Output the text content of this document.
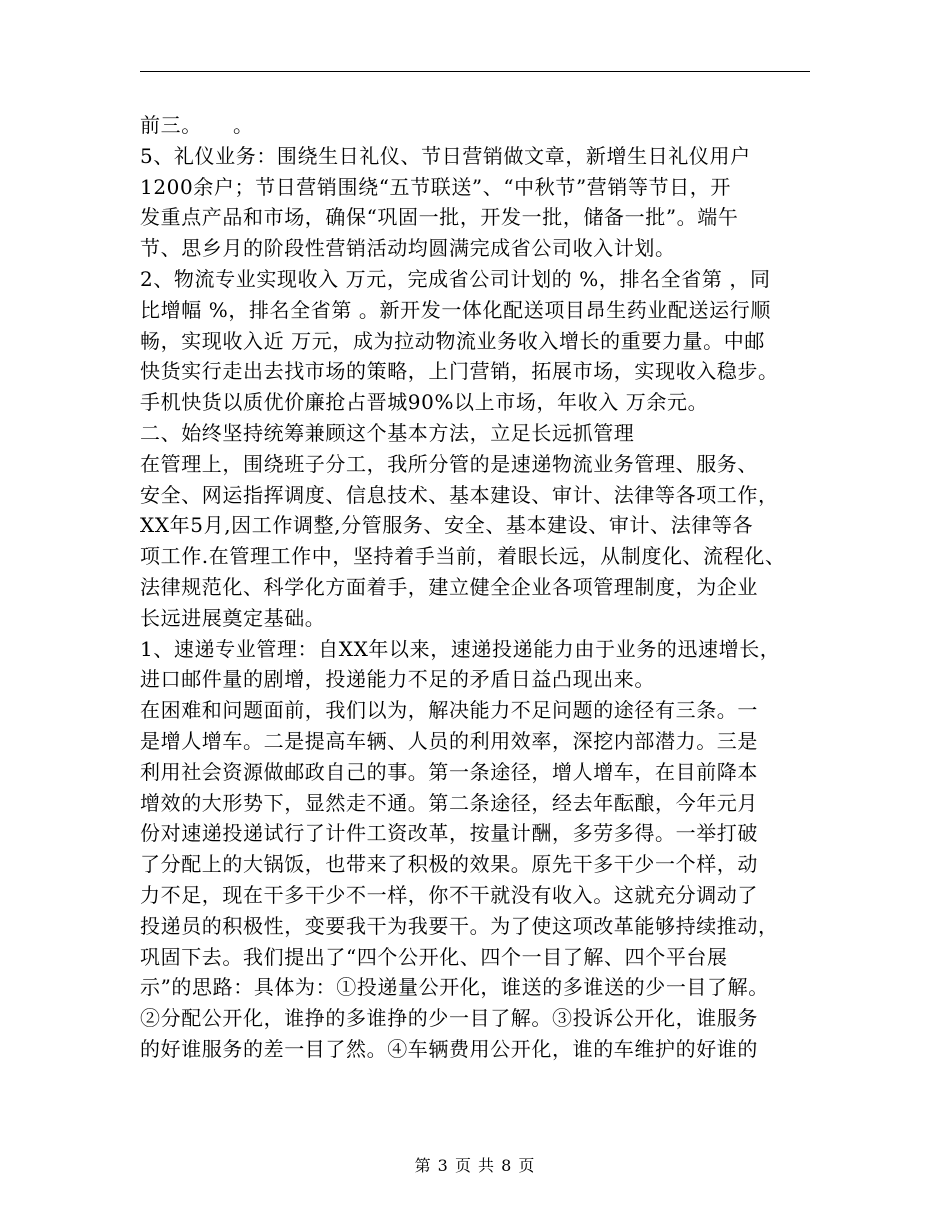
前三。　　。
5、礼仪业务：围绕生日礼仪、节日营销做文章，新增生日礼仪用户
1200余户；节日营销围绕“五节联送”、“中秋节”营销等节日，开
发重点产品和市场，确保“巩固一批，开发一批，储备一批”。端午
节、思乡月的阶段性营销活动均圆满完成省公司收入计划。
2、物流专业实现收入 万元，完成省公司计划的 %，排名全省第 ，同
比增幅 %，排名全省第 。新开发一体化配送项目昂生药业配送运行顺
畅，实现收入近 万元，成为拉动物流业务收入增长的重要力量。中邮
快货实行走出去找市场的策略，上门营销，拓展市场，实现收入稳步。
手机快货以质优价廉抢占晋城90%以上市场，年收入 万余元。
二、始终坚持统筹兼顾这个基本方法，立足长远抓管理
在管理上，围绕班子分工，我所分管的是速递物流业务管理、服务、
安全、网运指挥调度、信息技术、基本建设、审计、法律等各项工作，
XX年5月,因工作调整,分管服务、安全、基本建设、审计、法律等各
项工作.在管理工作中，坚持着手当前，着眼长远，从制度化、流程化、
法律规范化、科学化方面着手，建立健全企业各项管理制度，为企业
长远进展奠定基础。
1、速递专业管理：自XX年以来，速递投递能力由于业务的迅速增长，
进口邮件量的剧增，投递能力不足的矛盾日益凸现出来。
在困难和问题面前，我们以为，解决能力不足问题的途径有三条。一
是增人增车。二是提高车辆、人员的利用效率，深挖内部潜力。三是
利用社会资源做邮政自己的事。第一条途径，增人增车，在目前降本
增效的大形势下，显然走不通。第二条途径，经去年酝酿，今年元月
份对速递投递试行了计件工资改革，按量计酬，多劳多得。一举打破
了分配上的大锅饭，也带来了积极的效果。原先干多干少一个样，动
力不足，现在干多干少不一样，你不干就没有收入。这就充分调动了
投递员的积极性，变要我干为我要干。为了使这项改革能够持续推动，
巩固下去。我们提出了“四个公开化、四个一目了解、四个平台展
示”的思路：具体为：①投递量公开化，谁送的多谁送的少一目了解。
②分配公开化，谁挣的多谁挣的少一目了解。③投诉公开化，谁服务
的好谁服务的差一目了然。④车辆费用公开化，谁的车维护的好谁的
第 3 页 共 8 页
